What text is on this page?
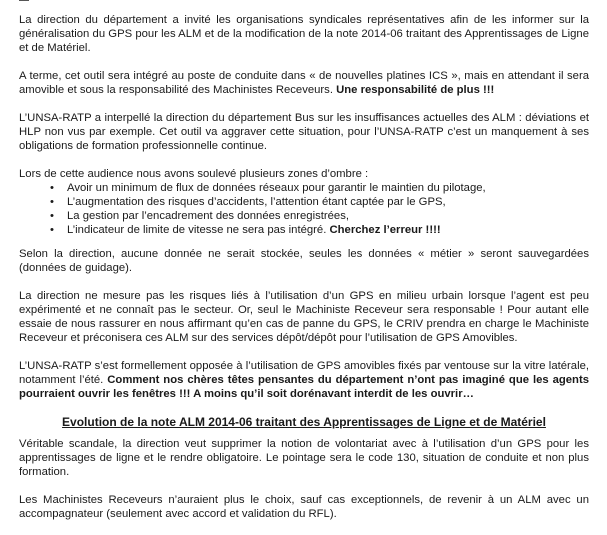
La direction du département a invité les organisations syndicales représentatives afin de les informer sur la généralisation du GPS pour les ALM et de la modification de la note 2014-06 traitant des Apprentissages de Ligne et de Matériel.

A terme, cet outil sera intégré au poste de conduite dans « de nouvelles platines ICS », mais en attendant il sera amovible et sous la responsabilité des Machinistes Receveurs. Une responsabilité de plus !!!

L’UNSA-RATP a interpellé la direction du département Bus sur les insuffisances actuelles des ALM : déviations et HLP non vus par exemple. Cet outil va aggraver cette situation, pour l’UNSA-RATP c’est un manquement à ses obligations de formation professionnelle continue.

Lors de cette audience nous avons soulevé plusieurs zones d’ombre :

• Avoir un minimum de flux de données réseaux pour garantir le maintien du pilotage,
• L’augmentation des risques d’accidents, l’attention étant captée par le GPS,
• La gestion par l’encadrement des données enregistrées,
• L’indicateur de limite de vitesse ne sera pas intégré. Cherchez l’erreur !!!!

Selon la direction, aucune donnée ne serait stockée, seules les données « métier » seront sauvegardées (données de guidage).

La direction ne mesure pas les risques liés à l’utilisation d’un GPS en milieu urbain lorsque l’agent est peu expérimenté et ne connaît pas le secteur. Or, seul le Machiniste Receveur sera responsable ! Pour autant elle essaie de nous rassurer en nous affirmant qu’en cas de panne du GPS, le CRIV prendra en charge le Machiniste Receveur et préconisera ces ALM sur des services dépôt/dépôt pour l’utilisation de GPS Amovibles.

L’UNSA-RATP s’est formellement opposée à l’utilisation de GPS amovibles fixés par ventouse sur la vitre latérale, notamment l’été. Comment nos chères têtes pensantes du département n’ont pas imaginé que les agents pourraient ouvrir les fenêtres !!! A moins qu’il soit dorénavant interdit de les ouvrir…

Evolution de la note ALM 2014-06 traitant des Apprentissages de Ligne et de Matériel

Véritable scandale, la direction veut supprimer la notion de volontariat avec à l’utilisation d’un GPS pour les apprentissages de ligne et le rendre obligatoire. Le pointage sera le code 130, situation de conduite et non plus formation.

Les Machinistes Receveurs n’auraient plus le choix, sauf cas exceptionnels, de revenir à un ALM avec un accompagnateur (seulement avec accord et validation du RFL).
